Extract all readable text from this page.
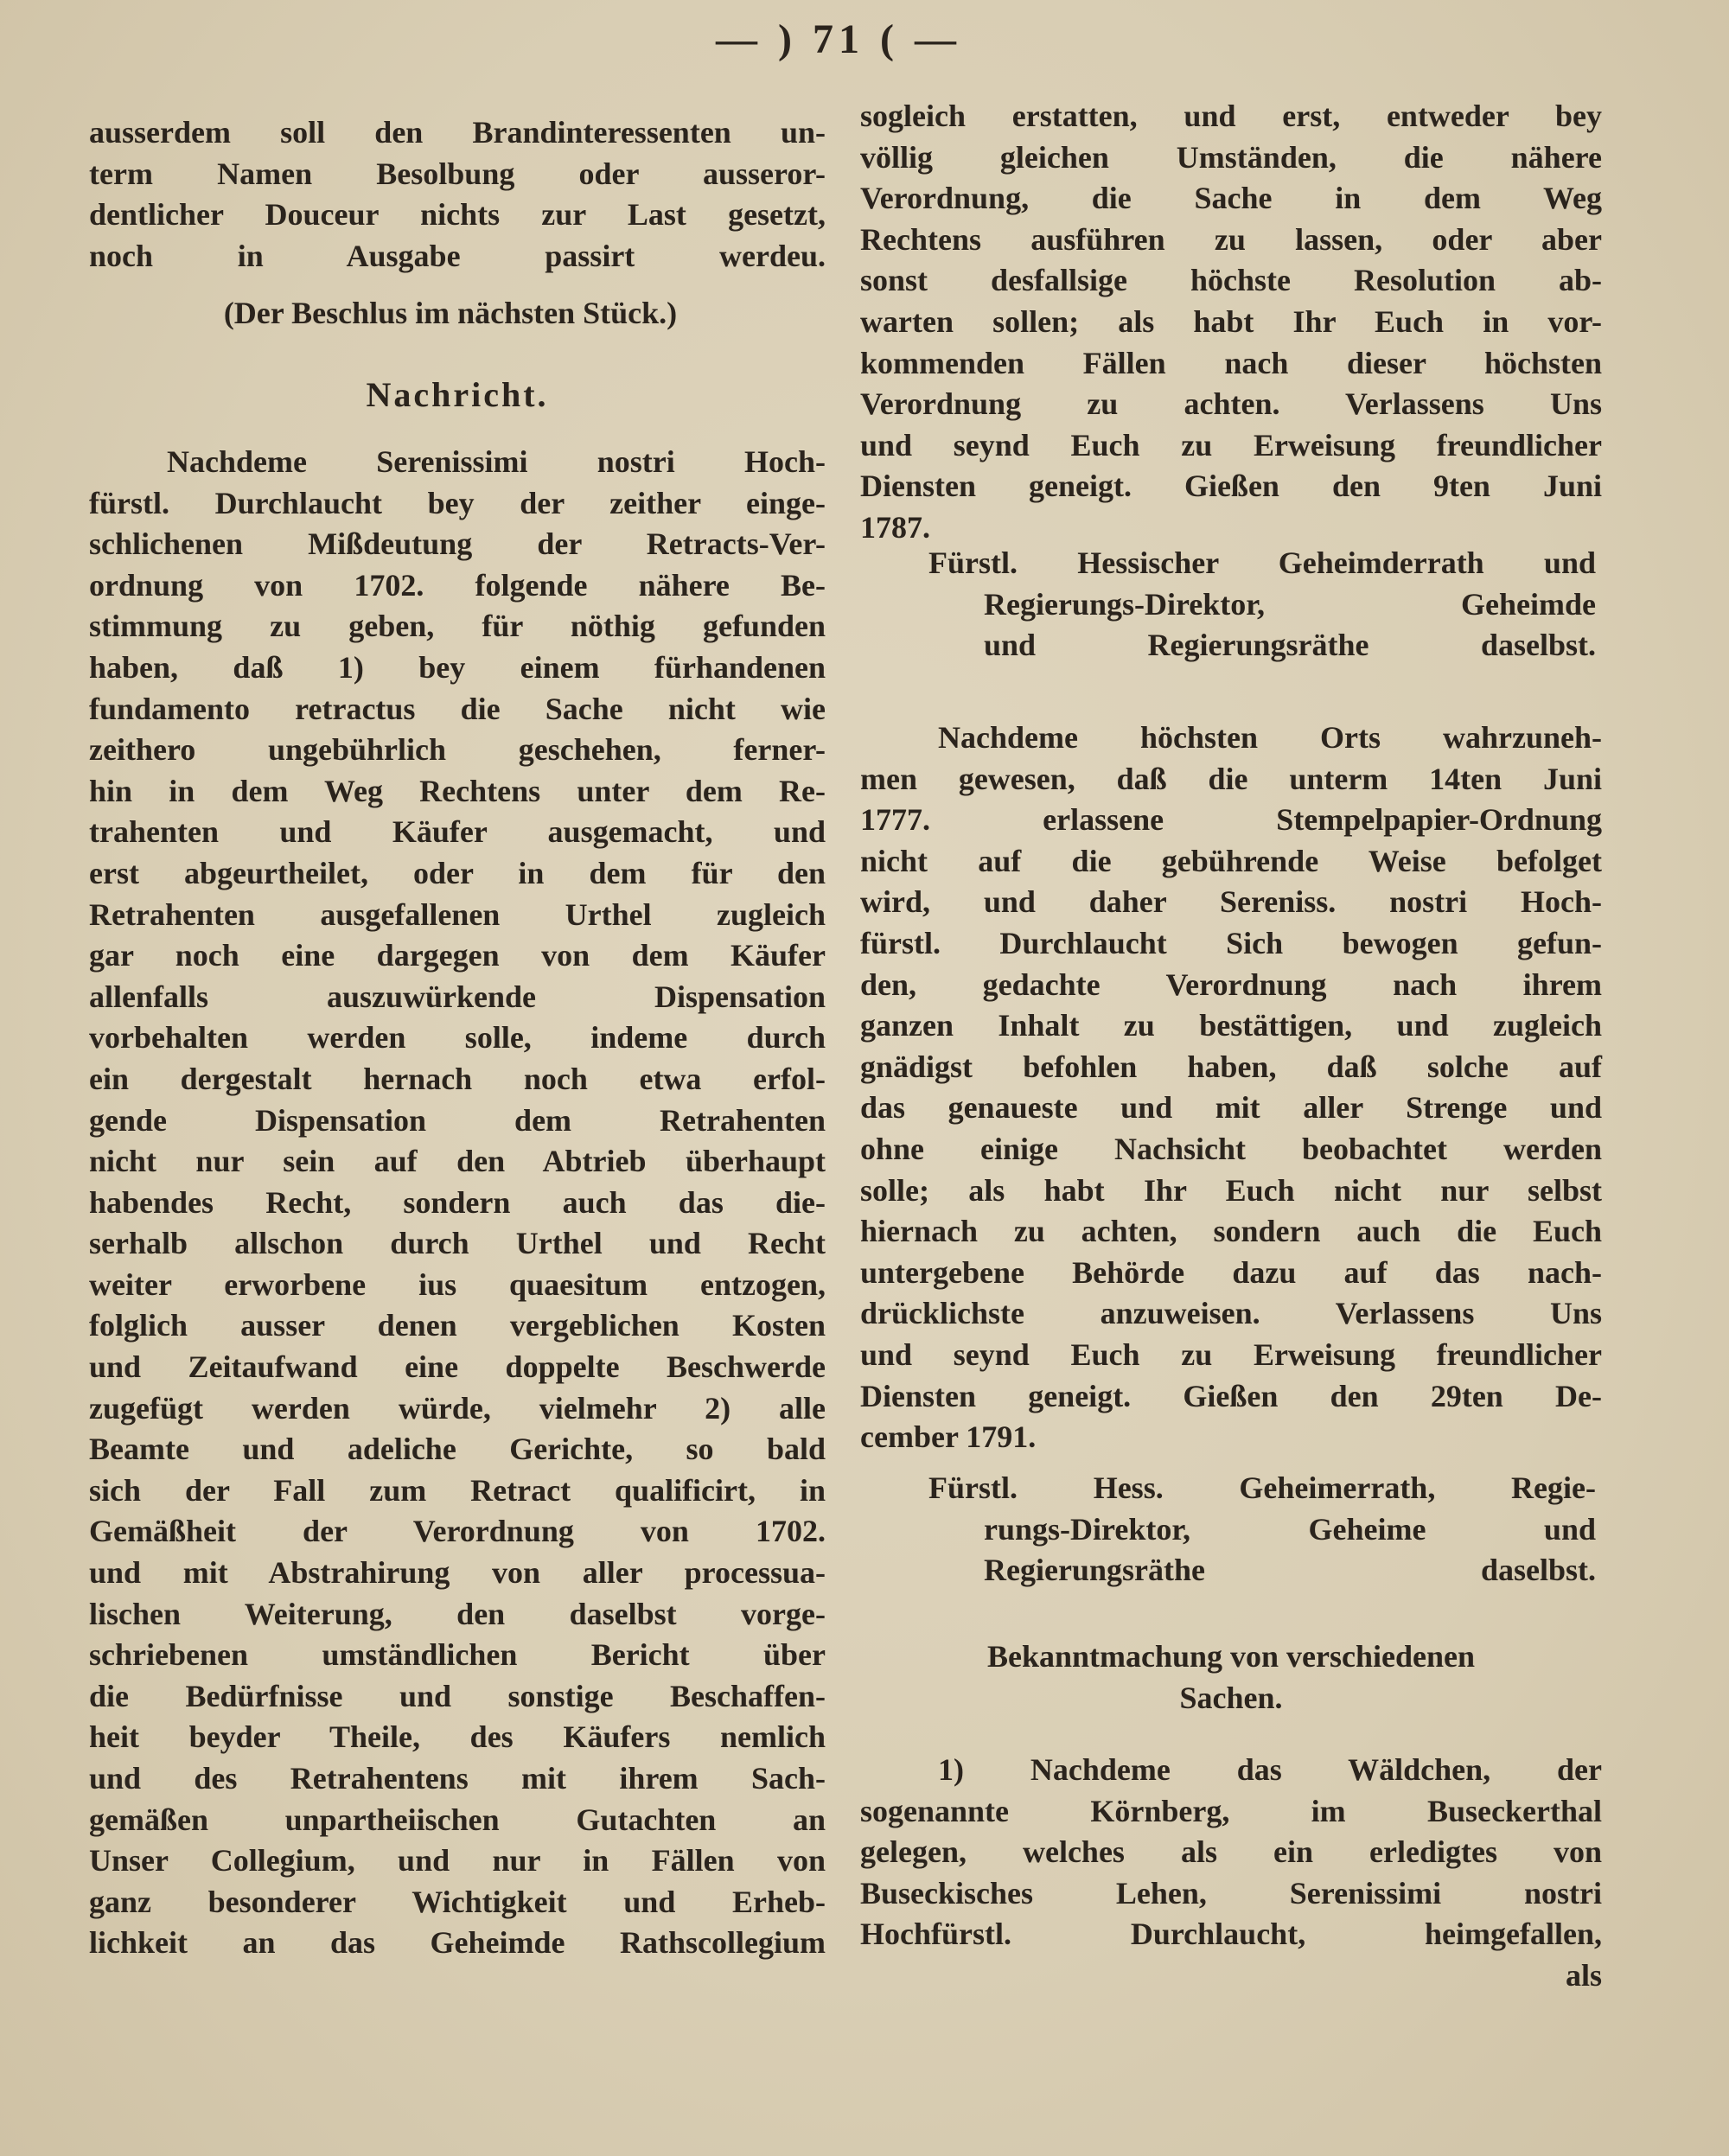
— ) 71 ( —
ausserdem soll den Brandinteressenten un-
term Namen Besolbung oder ausseror-
dentlicher Douceur nichts zur Last gesetzt,
noch in Ausgabe passirt werdeu.
(Der Beschlus im nächsten Stück.)
Nachricht.
Nachdeme Serenissimi nostri Hoch-
fürstl. Durchlaucht bey der zeither einge-
schlichenen Mißdeutung der Retracts-Ver-
ordnung von 1702. folgende nähere Be-
stimmung zu geben, für nöthig gefunden
haben, daß 1) bey einem fürhandenen
fundamento retractus die Sache nicht wie
zeithero ungebührlich geschehen, ferner-
hin in dem Weg Rechtens unter dem Re-
trahenten und Käufer ausgemacht, und
erst abgeurtheilet, oder in dem für den
Retrahenten ausgefallenen Urthel zugleich
gar noch eine dargegen von dem Käufer
allenfalls auszuwürkende Dispensation
vorbehalten werden solle, indeme durch
ein dergestalt hernach noch etwa erfol-
gende Dispensation dem Retrahenten
nicht nur sein auf den Abtrieb überhaupt
habendes Recht, sondern auch das die-
serhalb allschon durch Urthel und Recht
weiter erworbene ius quaesitum entzogen,
folglich ausser denen vergeblichen Kosten
und Zeitaufwand eine doppelte Beschwerde
zugefügt werden würde, vielmehr 2) alle
Beamte und adeliche Gerichte, so bald
sich der Fall zum Retract qualificirt, in
Gemäßheit der Verordnung von 1702.
und mit Abstrahirung von aller processua-
lischen Weiterung, den daselbst vorge-
schriebenen umständlichen Bericht über
die Bedürfnisse und sonstige Beschaffen-
heit beyder Theile, des Käufers nemlich
und des Retrahentens mit ihrem Sach-
gemäßen unpartheiischen Gutachten an
Unser Collegium, und nur in Fällen von
ganz besonderer Wichtigkeit und Erheb-
lichkeit an das Geheimde Rathscollegium
sogleich erstatten, und erst, entweder bey
völlig gleichen Umständen, die nähere
Verordnung, die Sache in dem Weg
Rechtens ausführen zu lassen, oder aber
sonst desfallsige höchste Resolution ab-
warten sollen; als habt Ihr Euch in vor-
kommenden Fällen nach dieser höchsten
Verordnung zu achten. Verlassens Uns
und seynd Euch zu Erweisung freundlicher
Diensten geneigt. Gießen den 9ten Juni
1787.
Fürstl. Hessischer Geheimderrath und
Regierungs-Direktor, Geheimde
und Regierungsräthe daselbst.
Nachdeme höchsten Orts wahrzuneh-
men gewesen, daß die unterm 14ten Juni
1777. erlassene Stempelpapier-Ordnung
nicht auf die gebührende Weise befolget
wird, und daher Sereniss. nostri Hoch-
fürstl. Durchlaucht Sich bewogen gefun-
den, gedachte Verordnung nach ihrem
ganzen Inhalt zu bestättigen, und zugleich
gnädigst befohlen haben, daß solche auf
das genaueste und mit aller Strenge und
ohne einige Nachsicht beobachtet werden
solle; als habt Ihr Euch nicht nur selbst
hiernach zu achten, sondern auch die Euch
untergebene Behörde dazu auf das nach-
drücklichste anzuweisen. Verlassens Uns
und seynd Euch zu Erweisung freundlicher
Diensten geneigt. Gießen den 29ten De-
cember 1791.
Fürstl. Hess. Geheimerrath, Regie-
rungs-Direktor, Geheime und
Regierungsräthe daselbst.
Bekanntmachung von verschiedenen
Sachen.
1) Nachdeme das Wäldchen, der
sogenannte Körnberg, im Buseckerthal
gelegen, welches als ein erledigtes von
Buseckisches Lehen, Serenissimi nostri
Hochfürstl. Durchlaucht, heimgefallen,
als
